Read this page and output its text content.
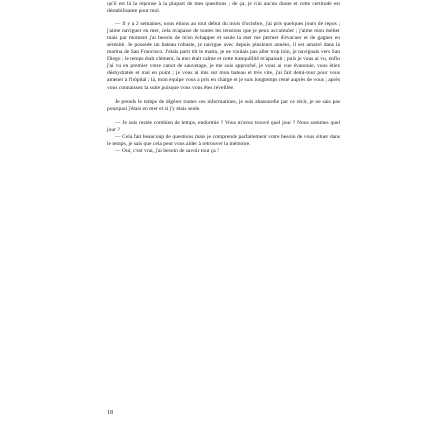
qu'il est là la réponse à la plupart de mes questions ; de ça, je n'ai aucun doute et cette certitude est déstabilisante pour moi.

— Il y a 2 semaines, nous étions au tout début du mois d'octobre, j'ai pris quelques jours de repos ; j'aime naviguer en mer, cela m'apaise de toutes les tensions que je peux accumuler ; j'aime mon métier mais par moment j'ai besoin de m'en échapper et seule la mer me permet d'évacuer et de gagner en sérénité. Je possède un bateau robuste, je navigue avec depuis plusieurs années, il est amarré dans la marina de San Francisco. J'étais parti tôt le matin, je ne voulais pas aller trop loin, je naviguais vers San Diego ; le temps était clément, la mer était calme et cette tranquillité m'apaisait ; puis je vous ai vu, enfin j'ai vu en premier votre canot de sauvetage, je me suis approché, je vous ai vue évanouie, vous étiez déshydratée et mal en point ; je vous ai mis sur mon bateau et très vite, j'ai fait demi-tour pour vous amener à l'hôpital ; là, mon équipe vous a pris en charge et je suis longtemps resté auprès de vous ; après vous connaissez la suite puisque vous vous êtes réveillée.

Je prends le temps de digérer toutes ces informations, je suis abasourdie par ce récit, je ne sais pas pourquoi j'étais en mer et si j'y étais seule.

— Je suis restée combien de temps, endormie ? Vous m'avez trouvé quel jour ? Nous sommes quel jour ?

— Cela fait beaucoup de questions mais je comprends parfaitement votre besoin de vous situer dans le temps, je sais que cela peut vous aider à retrouver la mémoire.

— Oui, c'est vrai, j'ai besoin de savoir tout ça !

18
